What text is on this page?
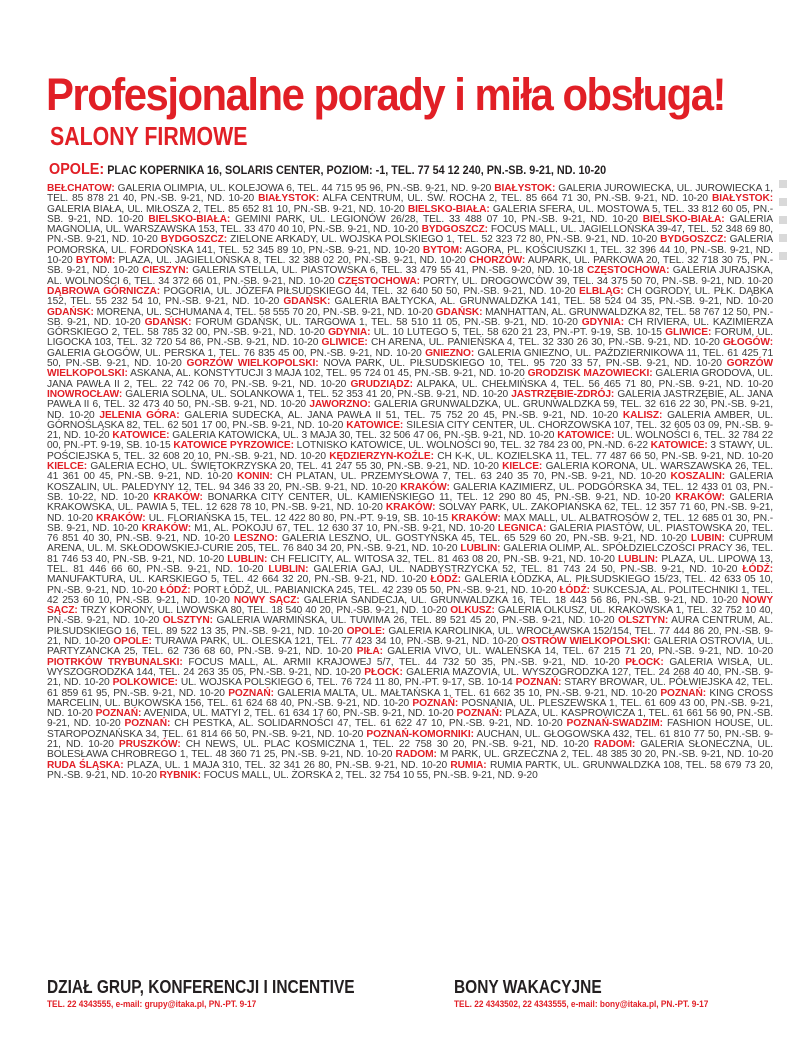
Profesjonalne porady i miła obsługa!
SALONY FIRMOWE
OPOLE: PLAC KOPERNIKA 16, SOLARIS CENTER, POZIOM: -1, TEL. 77 54 12 240, PN.-SB. 9-21, ND. 10-20
BEŁCHATÓW: GALERIA OLIMPIA, UL. KOLEJOWA 6, TEL. 44 715 95 96, PN.-SB. 9-21, ND. 9-20 BIAŁYSTOK: GALERIA JUROWIECKA, UL. JUROWIECKA 1, TEL. 85 878 21 40, PN.-SB. 9-21, ND. 10-20 BIAŁYSTOK: ALFA CENTRUM, UL. ŚW. ROCHA 2, TEL. 85 664 71 30, PN.-SB. 9-21, ND. 10-20 BIAŁYSTOK: GALERIA BIAŁA, UL. MIŁOSZA 2, TEL. 85 652 81 10, PN.-SB. 9-21, ND. 10-20 BIELSKO-BIAŁA: GALERIA SFERA, UL. MOSTOWA 5, TEL. 33 812 60 05, PN.-SB. 9-21, ND. 10-20 BIELSKO-BIAŁA: GEMINI PARK, UL. LEGIONÓW 26/28, TEL. 33 488 07 10, PN.-SB. 9-21, ND. 10-20 BIELSKO-BIAŁA: GALERIA MAGNOLIA, UL. WARSZAWSKA 153, TEL. 33 470 40 10, PN.-SB. 9-21, ND. 10-20 BYDGOSZCZ: FOCUS MALL, UL. JAGIELLOŃSKA 39-47, TEL. 52 348 69 80, PN.-SB. 9-21, ND. 10-20 BYDGOSZCZ: ZIELONE ARKADY, UL. WOJSKA POLSKIEGO 1, TEL. 52 323 72 80, PN.-SB. 9-21, ND. 10-20 BYDGOSZCZ: GALERIA POMORSKA, UL. FORDOŃSKA 141, TEL. 52 345 89 10, PN.-SB. 9-21, ND. 10-20 BYTOM: AGORA, PL. KOŚCIUSZKI 1, TEL. 32 396 44 10, PN.-SB. 9-21, ND. 10-20 BYTOM: PLAZA, UL. JAGIELLOŃSKA 8, TEL. 32 388 02 20, PN.-SB. 9-21, ND. 10-20 CHORZÓW: AUPARK, UL. PARKOWA 20, TEL. 32 718 30 75, PN.-SB. 9-21, ND. 10-20 CIESZYN: GALERIA STELLA, UL. PIASTOWSKA 6, TEL. 33 479 55 41, PN.-SB. 9-20, ND. 10-18 CZĘSTOCHOWA: GALERIA JURAJSKA, AL. WOLNOŚCI 6, TEL. 34 372 66 01, PN.-SB. 9-21, ND. 10-20 CZĘSTOCHOWA: PORTY, UL. DROGOWCÓW 39, TEL. 34 375 50 70, PN.-SB. 9-21, ND. 10-20 DĄBROWA GÓRNICZA: POGORIA, UL. JÓZEFA PIŁSUDSKIEGO 44, TEL. 32 640 50 50, PN.-SB. 9-21, ND. 10-20 ELBLĄG: CH OGRODY, UL. PŁK. DĄBKA 152, TEL. 55 232 54 10, PN.-SB. 9-21, ND. 10-20 GDAŃSK: GALERIA BAŁTYCKA, AL. GRUNWALDZKA 141, TEL. 58 524 04 35, PN.-SB. 9-21, ND. 10-20 GDAŃSK: MORENA, UL. SCHUMANA 4, TEL. 58 555 70 20, PN.-SB. 9-21, ND. 10-20 GDAŃSK: MANHATTAN, AL. GRUNWALDZKA 82, TEL. 58 767 12 50, PN.-SB. 9-21, ND. 10-20 GDAŃSK: FORUM GDAŃSK, UL. TARGOWA 1, TEL. 58 510 11 05, PN.-SB. 9-21, ND. 10-20 GDYNIA: CH RIVIERA, UL. KAZIMIERZA GÓRSKIEGO 2, TEL. 58 785 32 00, PN.-SB. 9-21, ND. 10-20 GDYNIA: UL. 10 LUTEGO 5, TEL. 58 620 21 23, PN.-PT. 9-19, SB. 10-15 GLIWICE: FORUM, UL. LIGOCKA 103, TEL. 32 720 54 86, PN.-SB. 9-21, ND. 10-20 GLIWICE: CH ARENA, UL. PANIEŃSKA 4, TEL. 32 330 26 30, PN.-SB. 9-21, ND. 10-20 GŁOGÓW: GALERIA GŁOGÓW, UL. PERSKA 1, TEL. 76 835 45 00, PN.-SB. 9-21, ND. 10-20 GNIEZNO: GALERIA GNIEZNO, UL. PAŹDZIERNIKOWA 11, TEL. 61 425 71 50, PN.-SB. 9-21, ND. 10-20 GORZÓW WIELKOPOLSKI: NOVA PARK, UL. PIŁSUDSKIEGO 10, TEL. 95 720 33 57, PN.-SB. 9-21, ND. 10-20 GORZÓW WIELKOPOLSKI: ASKANA, AL. KONSTYTUCJI 3 MAJA 102, TEL. 95 724 01 45, PN.-SB. 9-21, ND. 10-20 GRODZISK MAZOWIECKI: GALERIA GRODOVA, UL. JANA PAWŁA II 2, TEL. 22 742 06 70, PN.-SB. 9-21, ND. 10-20 GRUDZIĄDZ: ALPAKA, UL. CHEŁMIŃSKA 4, TEL. 56 465 71 80, PN.-SB. 9-21, ND. 10-20 INOWROCŁAW: GALERIA SOLNA, UL. SOLANKOWA 1, TEL. 52 353 41 20, PN.-SB. 9-21, ND. 10-20 JASTRZĘBIE-ZDRÓJ: GALERIA JASTRZĘBIE, AL. JANA PAWŁA II 6, TEL. 32 473 40 50, PN.-SB. 9-21, ND. 10-20 JAWORZNO: GALERIA GRUNWALDZKA, UL. GRUNWALDZKA 59, TEL. 32 616 22 30, PN.-SB. 9-21, ND. 10-20 JELENIA GÓRA: GALERIA SUDECKA, AL. JANA PAWŁA II 51, TEL. 75 752 20 45, PN.-SB. 9-21, ND. 10-20 KALISZ: GALERIA AMBER, UL. GÓRNOŚLĄSKA 82, TEL. 62 501 17 00, PN.-SB. 9-21, ND. 10-20 KATOWICE: SILESIA CITY CENTER, UL. CHORZOWSKA 107, TEL. 32 605 03 09, PN.-SB. 9-21, ND. 10-20 KATOWICE: GALERIA KATOWICKA, UL. 3 MAJA 30, TEL. 32 506 47 06, PN.-SB. 9-21, ND. 10-20 KATOWICE: UL. WOLNOŚCI 6, TEL. 32 784 22 00, PN.-PT. 9-19, SB. 10-15 KATOWICE PYRZOWICE: LOTNISKO KATOWICE, UL. WOLNOŚCI 90, TEL. 32 784 23 00, PN.-ND. 6-22 KATOWICE: 3 STAWY, UL. POŚCIEJSKA 5, TEL. 32 608 20 10, PN.-SB. 9-21, ND. 10-20 KĘDZIERZYN-KOŹLE: CH K-K, UL. KOZIELSKA 11, TEL. 77 487 66 50, PN.-SB. 9-21, ND. 10-20 KIELCE: GALERIA ECHO, UL. ŚWIĘTOKRZYSKA 20, TEL. 41 247 55 30, PN.-SB. 9-21, ND. 10-20 KIELCE: GALERIA KORONA, UL. WARSZAWSKA 26, TEL. 41 361 00 45, PN.-SB. 9-21, ND. 10-20 KONIN: CH PLATAN, UL. PRZEMYSŁOWA 7, TEL. 63 240 35 70, PN.-SB. 9-21, ND. 10-20 KOSZALIN: GALERIA KOSZALIN, UL. PALEDYNY 12, TEL. 94 346 33 20, PN.-SB. 9-21, ND. 10-20 KRAKÓW: GALERIA KAZIMIERZ, UL. PODGÓRSKA 34, TEL. 12 433 01 03, PN.-SB. 10-22, ND. 10-20 KRAKÓW: BONARKA CITY CENTER, UL. KAMIEŃSKIEGO 11, TEL. 12 290 80 45, PN.-SB. 9-21, ND. 10-20 KRAKÓW: GALERIA KRAKOWSKA, UL. PAWIA 5, TEL. 12 628 78 10, PN.-SB. 9-21, ND. 10-20 KRAKÓW: SOLVAY PARK, UL. ZAKOPIAŃSKA 62, TEL. 12 357 71 60, PN.-SB. 9-21, ND. 10-20 KRAKÓW: UL. FLORIAŃSKA 15, TEL. 12 422 80 80, PN.-PT. 9-19, SB. 10-15 KRAKÓW: MAX MALL, UL. ALBATROSÓW 2, TEL. 12 685 01 30, PN.-SB. 9-21, ND. 10-20 KRAKÓW: M1, AL. POKOJU 67, TEL. 12 630 37 10, PN.-SB. 9-21, ND. 10-20 LEGNICA: GALERIA PIASTÓW, UL. PIASTOWSKA 20, TEL. 76 851 40 30, PN.-SB. 9-21, ND. 10-20 LESZNO: GALERIA LESZNO, UL. GOSTYŃSKA 45, TEL. 65 529 60 20, PN.-SB. 9-21, ND. 10-20 LUBIN: CUPRUM ARENA, UL. M. SKŁODOWSKIEJ-CURIE 205, TEL. 76 840 34 20, PN.-SB. 9-21, ND. 10-20 LUBLIN: GALERIA OLIMP, AL. SPÓŁDZIELCZOŚCI PRACY 36, TEL. 81 746 53 40, PN.-SB. 9-21, ND. 10-20 LUBLIN: CH FELICITY, AL. WITOSA 32, TEL. 81 463 08 20, PN.-SB. 9-21, ND. 10-20 LUBLIN: PLAZA, UL. LIPOWA 13, TEL. 81 446 66 60, PN.-SB. 9-21, ND. 10-20 LUBLIN: GALERIA GAJ, UL. NADBYSTRZYCKA 52, TEL. 81 743 24 50, PN.-SB. 9-21, ND. 10-20 ŁÓDŹ: MANUFAKTURA, UL. KARSKIEGO 5, TEL. 42 664 32 20, PN.-SB. 9-21, ND. 10-20 ŁÓDŹ: GALERIA ŁÓDZKA, AL. PIŁSUDSKIEGO 15/23, TEL. 42 633 05 10, PN.-SB. 9-21, ND. 10-20 ŁÓDŹ: PORT ŁÓDŹ, UL. PABIANICKA 245, TEL. 42 239 05 50, PN.-SB. 9-21, ND. 10-20 ŁÓDŹ: SUKCESJA, AL. POLITECHNIKI 1, TEL. 42 253 60 10, PN.-SB. 9-21, ND. 10-20 NOWY SĄCZ: GALERIA SANDECJA, UL. GRUNWALDZKA 16, TEL. 18 443 56 86, PN.-SB. 9-21, ND. 10-20 NOWY SĄCZ: TRZY KORONY, UL. LWOWSKA 80, TEL. 18 540 40 20, PN.-SB. 9-21, ND. 10-20 OLKUSZ: GALERIA OLKUSZ, UL. KRAKOWSKA 1, TEL. 32 752 10 40, PN.-SB. 9-21, ND. 10-20 OLSZTYN: GALERIA WARMIŃSKA, UL. TUWIMA 26, TEL. 89 521 45 20, PN.-SB. 9-21, ND. 10-20 OLSZTYN: AURA CENTRUM, AL. PIŁSUDSKIEGO 16, TEL. 89 522 13 35, PN.-SB. 9-21, ND. 10-20 OPOLE: GALERIA KAROLINKA, UL. WROCŁAWSKA 152/154, TEL. 77 444 86 20, PN.-SB. 9-21, ND. 10-20 OPOLE: TURAWA PARK, UL. OLESKA 121, TEL. 77 423 34 10, PN.-SB. 9-21, ND. 10-20 OSTRÓW WIELKOPOLSKI: GALERIA OSTROVIA, UL. PARTYZANCKA 25, TEL. 62 736 68 60, PN.-SB. 9-21, ND. 10-20 PIŁA: GALERIA VIVO, UL. WALEŃSKA 14, TEL. 67 215 71 20, PN.-SB. 9-21, ND. 10-20 PIOTRKÓW TRYBUNALSKI: FOCUS MALL, AL. ARMII KRAJOWEJ 5/7, TEL. 44 732 50 35, PN.-SB. 9-21, ND. 10-20 PŁOCK: GALERIA WISŁA, UL. WYSZOGRODZKA 144, TEL. 24 263 35 05, PN.-SB. 9-21, ND. 10-20 PŁOCK: GALERIA MAZOVIA, UL. WYSZOGRODZKA 127, TEL. 24 268 40 40, PN.-SB. 9-21, ND. 10-20 POLKOWICE: UL. WOJSKA POLSKIEGO 6, TEL. 76 724 11 80, PN.-PT. 9-17, SB. 10-14 POZNAŃ: STARY BROWAR, UL. PÓŁWIEJSKA 42, TEL. 61 859 61 95, PN.-SB. 9-21, ND. 10-20 POZNAŃ: GALERIA MALTA, UL. MAŁTAŃSKA 1, TEL. 61 662 35 10, PN.-SB. 9-21, ND. 10-20 POZNAŃ: KING CROSS MARCELIN, UL. BUKOWSKA 156, TEL. 61 624 68 40, PN.-SB. 9-21, ND. 10-20 POZNAŃ: POSNANIA, UL. PLESZEWSKA 1, TEL. 61 609 43 00, PN.-SB. 9-21, ND. 10-20 POZNAŃ: AVENIDA, UL. MATYI 2, TEL. 61 634 17 60, PN.-SB. 9-21, ND. 10-20 POZNAŃ: PLAZA, UL. KASPROWICZA 1, TEL. 61 661 56 90, PN.-SB. 9-21, ND. 10-20 POZNAŃ: CH PESTKA, AL. SOLIDARNOŚCI 47, TEL. 61 622 47 10, PN.-SB. 9-21, ND. 10-20 POZNAŃ-SWADZIM: FASHION HOUSE, UL. STAROPOZNAŃSKA 34, TEL. 61 814 66 50, PN.-SB. 9-21, ND. 10-20 POZNAŃ-KOMORNIKI: AUCHAN, UL. GŁOGOWSKA 432, TEL. 61 810 77 50, PN.-SB. 9-21, ND. 10-20 PRUSZKÓW: CH NEWS, UL. PLAC KOSMICZNA 1, TEL. 22 758 30 20, PN.-SB. 9-21, ND. 10-20 RADOM: GALERIA SŁONECZNA, UL. BOLESŁAWA CHROBREGO 1, TEL. 48 360 71 25, PN.-SB. 9-21, ND. 10-20 RADOM: M PARK, UL. GRZECZNA 2, TEL. 48 385 30 20, PN.-SB. 9-21, ND. 10-20 RUDA ŚLĄSKA: PLAZA, UL. 1 MAJA 310, TEL. 32 341 26 80, PN.-SB. 9-21, ND. 10-20 RUMIA: RUMIA PARTK, UL. GRUNWALDZKA 108, TEL. 58 679 73 20, PN.-SB. 9-21, ND. 10-20 RYBNIK: FOCUS MALL, UL. ŻORSKA 2, TEL. 32 754 10 55, PN.-SB. 9-21, ND. 9-20
DZIAŁ GRUP, KONFERENCJI I INCENTIVE
TEL. 22 4343555, e-mail: grupy@itaka.pl, PN.-PT. 9-17
BONY WAKACYJNE
TEL. 22 4343502, 22 4343555, e-mail: bony@itaka.pl, PN.-PT. 9-17
